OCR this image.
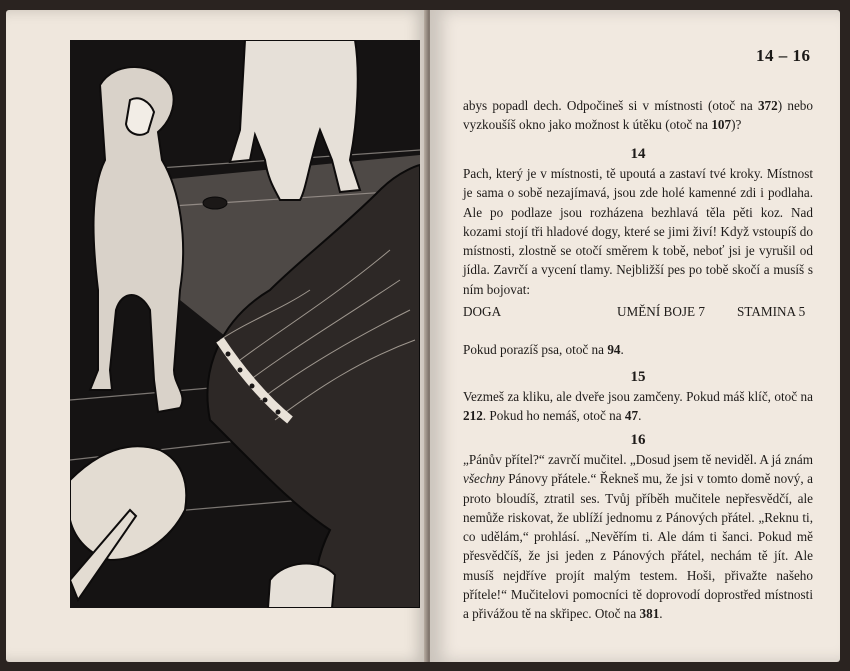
14 – 16

abys popadl dech. Odpočineš si v místnosti (otoč na 372) nebo vyzkoušíš okno jako možnost k útěku (otoč na 107)?

14

Pach, který je v místnosti, tě upoutá a zastaví tvé kroky. Místnost je sama o sobě nezajímavá, jsou zde holé kamenné zdi i podlaha. Ale po podlaze jsou rozházena bezhlavá těla pěti koz. Nad kozami stojí tři hladové dogy, které se jimi živí! Když vstoupíš do místnosti, zlostně se otočí směrem k tobě, neboť jsi je vyrušil od jídla. Zavrčí a vycení tlamy. Nejbližší pes po tobě skočí a musíš s ním bojovat:

DOGA	UMĚNÍ BOJE 7 STAMINA 5

Pokud porazíš psa, otoč na 94.

15

Vezmeš za kliku, ale dveře jsou zamčeny. Pokud máš klíč, otoč na 212. Pokud ho nemáš, otoč na 47.

16

„Pánův přítel?“ zavrčí mučitel. „Dosud jsem tě neviděl. A já znám všechny Pánovy přátele.“ Řekneš mu, že jsi v tomto domě nový, a proto bloudíš, ztratil ses. Tvůj příběh mučitele nepřesvědčí, ale nemůže riskovat, že ublíží jednomu z Pánových přátel. „Reknu ti, co udělám,“ prohlásí. „Nevěřím ti. Ale dám ti šanci. Pokud mě přesvědčíš, že jsi jeden z Pánových přátel, nechám tě jít. Ale musíš nejdříve projít malým testem. Hoši, přivažte našeho přítele!“ Mučitelovi pomocníci tě doprovodí doprostřed místnosti a přivážou tě na skřipec. Otoč na 381.
